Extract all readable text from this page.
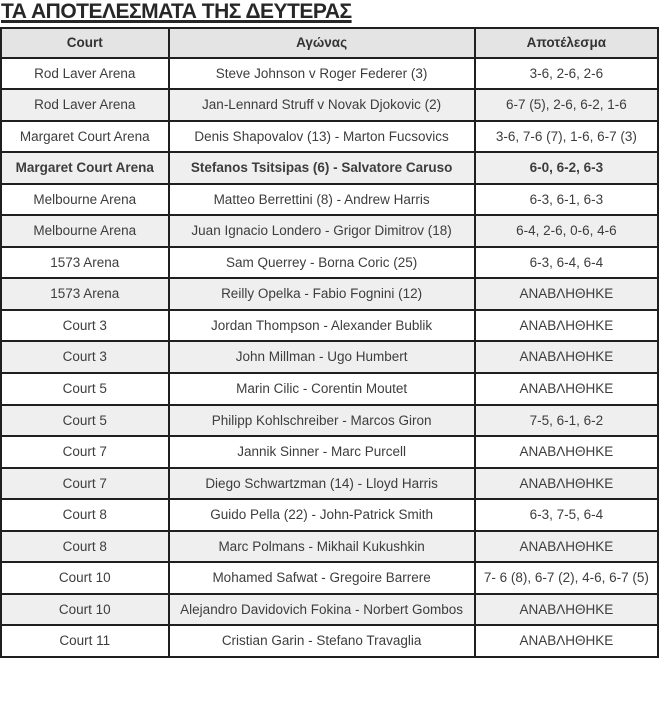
ΤΑ ΑΠΟΤΕΛΕΣΜΑΤΑ ΤΗΣ ΔΕΥΤΕΡΑΣ
Court	Αγώνας	Αποτέλεσμα
Rod Laver Arena	Steve Johnson v Roger Federer (3)	3-6, 2-6, 2-6
Rod Laver Arena	Jan-Lennard Struff v Novak Djokovic (2)	6-7 (5), 2-6, 6-2, 1-6
Margaret Court Arena	Denis Shapovalov (13) - Marton Fucsovics	3-6, 7-6 (7), 1-6, 6-7 (3)
Margaret Court Arena	Stefanos Tsitsipas (6) - Salvatore Caruso	6-0, 6-2, 6-3
Melbourne Arena	Matteo Berrettini (8) - Andrew Harris	6-3, 6-1, 6-3
Melbourne Arena	Juan Ignacio Londero - Grigor Dimitrov (18)	6-4, 2-6, 0-6, 4-6
1573 Arena	Sam Querrey - Borna Coric (25)	6-3, 6-4, 6-4
1573 Arena	Reilly Opelka - Fabio Fognini (12)	ΑΝΑΒΛΗΘΗΚΕ
Court 3	Jordan Thompson - Alexander Bublik	ΑΝΑΒΛΗΘΗΚΕ
Court 3	John Millman - Ugo Humbert	ΑΝΑΒΛΗΘΗΚΕ
Court 5	Marin Cilic - Corentin Moutet	ΑΝΑΒΛΗΘΗΚΕ
Court 5	Philipp Kohlschreiber - Marcos Giron	7-5, 6-1, 6-2
Court 7	Jannik Sinner - Marc Purcell	ΑΝΑΒΛΗΘΗΚΕ
Court 7	Diego Schwartzman (14) - Lloyd Harris	ΑΝΑΒΛΗΘΗΚΕ
Court 8	Guido Pella (22) - John-Patrick Smith	6-3, 7-5, 6-4
Court 8	Marc Polmans - Mikhail Kukushkin	ΑΝΑΒΛΗΘΗΚΕ
Court 10	Mohamed Safwat - Gregoire Barrere	7- 6 (8), 6-7 (2), 4-6, 6-7 (5)
Court 10	Alejandro Davidovich Fokina - Norbert Gombos	ΑΝΑΒΛΗΘΗΚΕ
Court 11	Cristian Garin - Stefano Travaglia	ΑΝΑΒΛΗΘΗΚΕ
